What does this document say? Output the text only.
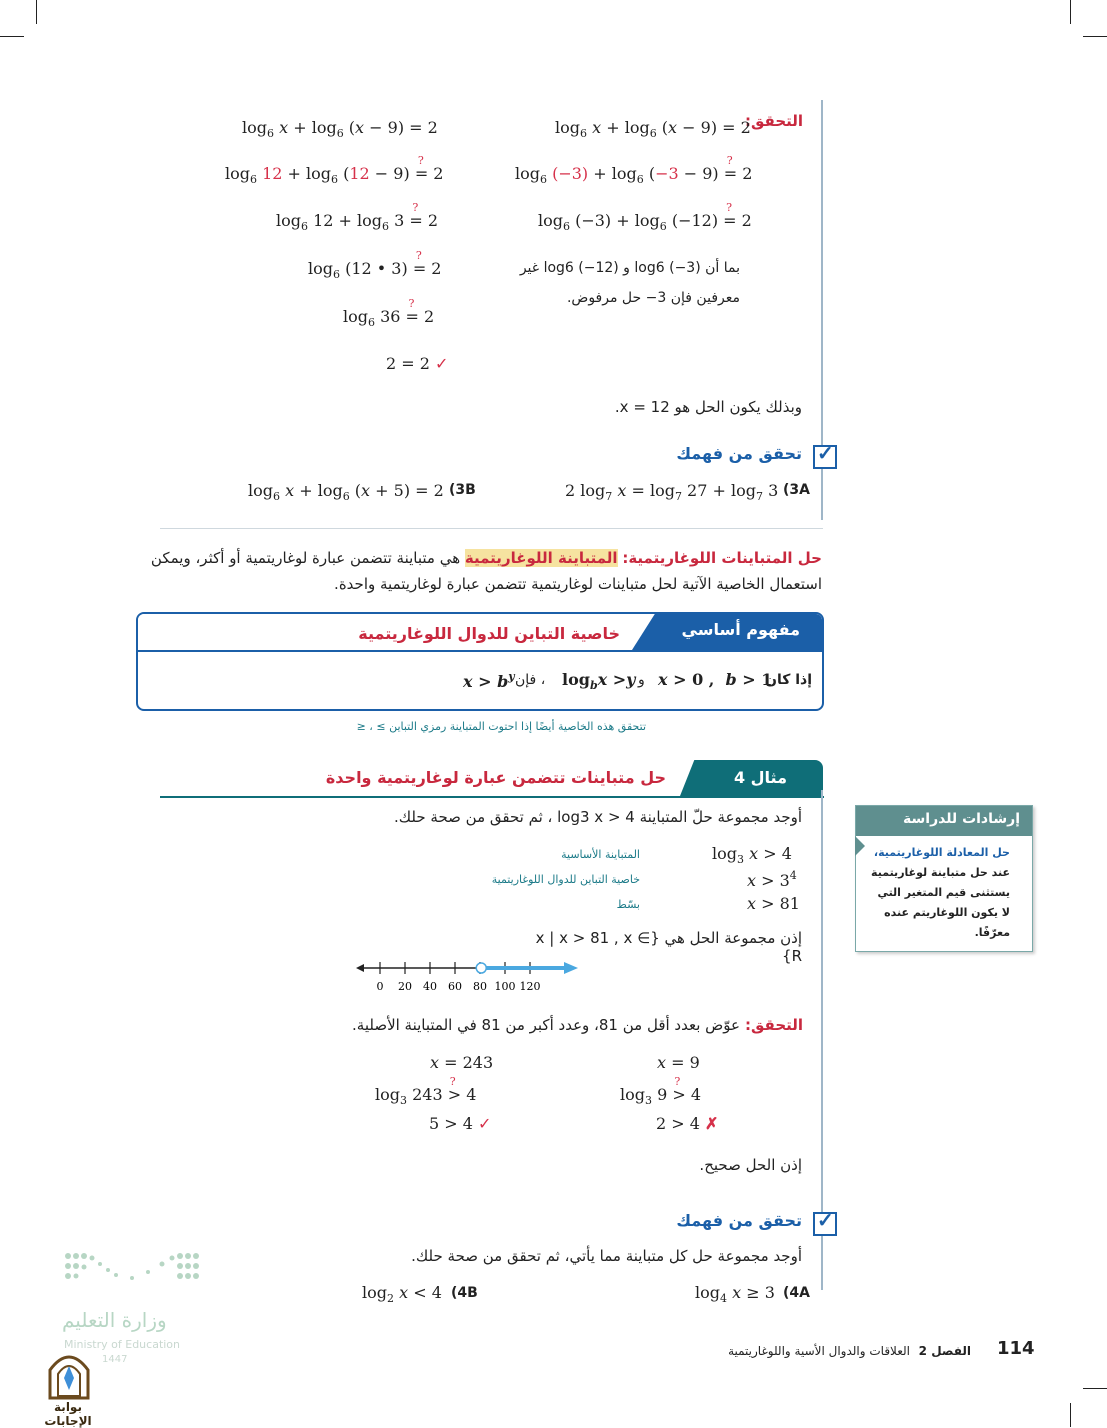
التحقق:
$\log_6 x + \log_6 (x - 9) = 2$
$\log_6 (-3) + \log_6 (-3 - 9)$
?
= 2
$\log_6 (-3) + \log_6 (-12)$
?
= 2
بما أن log6 (−3) و log6 (−12) غير
معرفين فإن 3− حل مرفوض.
$\log_6 x + \log_6 (x - 9) = 2$
$\log_6 12 + \log_6 (12 - 9)$
?
= 2
$\log_6 12 + \log_6 3$
?
= 2
$\log_6 (12$ • 3)
?
= 2
$\log_6 36$
?
= 2
2 = 2 ✓
وبذلك يكون الحل هو x = 12.
✓
تحقق من فهمك
(3A
2 $\log_7 x = \log_7 27 + \log_7 3$
(3B
$\log_6 x + \log_6 (x + 5) = 2$
حل المتباينات اللوغاريتمية: المتباينة اللوغاريتمية هي متباينة تتضمن عبارة لوغاريتمية أو أكثر، ويمكن
استعمال الخاصية الآتية لحل متباينات لوغاريتمية تتضمن عبارة لوغاريتمية واحدة.
مفهوم أساسي
خاصية التباين للدوال اللوغاريتمية
إذا كان
x > 0 ,  b > 1
و
$\log_bx >y$
، فإن
$x > b^y$
تتحقق هذه الخاصية أيضًا إذا احتوت المتباينة رمزي التباين ≥ ، ≤
مثال 4
حل متباينات تتضمن عبارة لوغاريتمية واحدة
أوجد مجموعة حلّ المتباينة log3 x > 4 ، ثم تحقق من صحة حلك.
$\log_3 x > 4$
المتباينة الأساسية
$x > 3^4$
خاصية التباين للدوال اللوغاريتمية
x > 81
بسّط
إذن مجموعة الحل هي {x | x > 81 , x ∈ R}
0 20 40 60 80 100 120
التحقق:
عوّض بعدد أقل من 81، وعدد أكبر من 81 في المتباينة الأصلية.
x = 9
$\log_3 9$
?
> 4
2 > 4 ✗
x = 243
$\log_3 243$
?
> 4
5 > 4 ✓
إذن الحل صحيح.
✓
تحقق من فهمك
أوجد مجموعة حل كل متباينة مما يأتي، ثم تحقق من صحة حلك.
(4A
$\log_4 x \ge 3$
(4B
$\log_2 x < 4$
إرشادات للدراسة
حل المعادلة اللوغاريتمية،
عند حل متباينة لوغاريتمية
يستثنى قيم المتغير التي
لا يكون اللوغاريتم عنده
معرّفًا.
114
الفصل 2
العلاقات والدوال الأسية واللوغاريتمية
وزارة التعليم
Ministry of Education
1447
بوابة الإجابات
